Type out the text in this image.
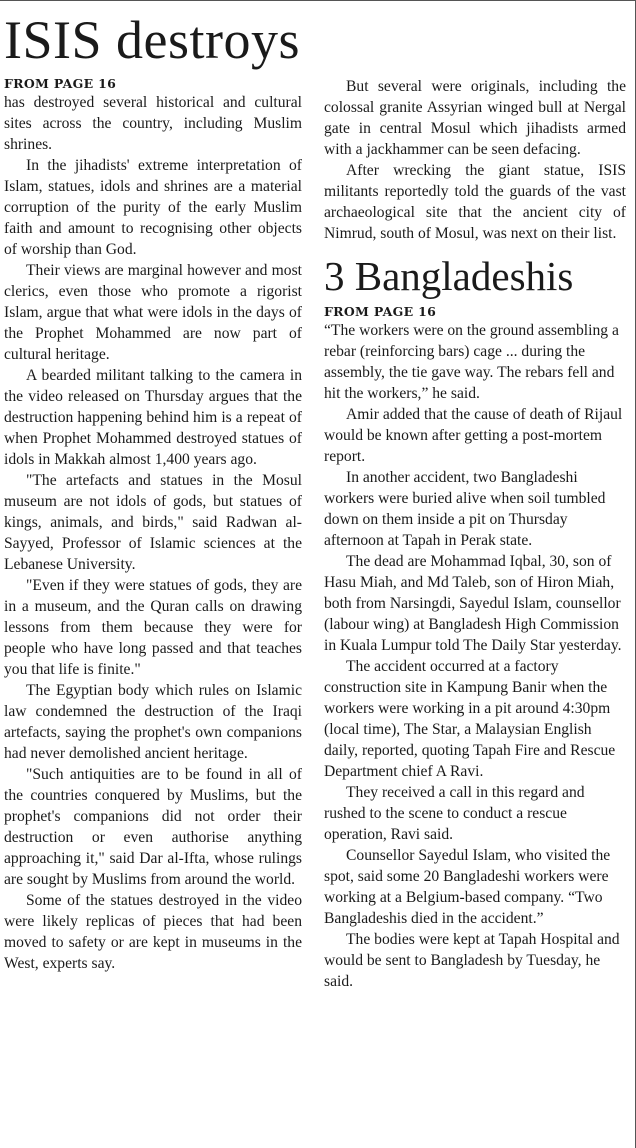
ISIS destroys
FROM PAGE 16

has destroyed several historical and cultural sites across the country, including Muslim shrines.

In the jihadists' extreme interpretation of Islam, statues, idols and shrines are a material corruption of the purity of the early Muslim faith and amount to recognising other objects of worship than God.

Their views are marginal however and most clerics, even those who promote a rigorist Islam, argue that what were idols in the days of the Prophet Mohammed are now part of cultural heritage.

A bearded militant talking to the camera in the video released on Thursday argues that the destruction happening behind him is a repeat of when Prophet Mohammed destroyed statues of idols in Makkah almost 1,400 years ago.

"The artefacts and statues in the Mosul museum are not idols of gods, but statues of kings, animals, and birds," said Radwan al-Sayyed, Professor of Islamic sciences at the Lebanese University.

"Even if they were statues of gods, they are in a museum, and the Quran calls on drawing lessons from them because they were for people who have long passed and that teaches you that life is finite."

The Egyptian body which rules on Islamic law condemned the destruction of the Iraqi artefacts, saying the prophet's own companions had never demolished ancient heritage.

"Such antiquities are to be found in all of the countries conquered by Muslims, but the prophet's companions did not order their destruction or even authorise anything approaching it," said Dar al-Ifta, whose rulings are sought by Muslims from around the world.

Some of the statues destroyed in the video were likely replicas of pieces that had been moved to safety or are kept in museums in the West, experts say.

But several were originals, including the colossal granite Assyrian winged bull at Nergal gate in central Mosul which jihadists armed with a jackhammer can be seen defacing.

After wrecking the giant statue, ISIS militants reportedly told the guards of the vast archaeological site that the ancient city of Nimrud, south of Mosul, was next on their list.

3 Bangladeshis
FROM PAGE 16

“The workers were on the ground assembling a rebar (reinforcing bars) cage ... during the assembly, the tie gave way. The rebars fell and hit the workers,” he said.

Amir added that the cause of death of Rijaul would be known after getting a post-mortem report.

In another accident, two Bangladeshi workers were buried alive when soil tumbled down on them inside a pit on Thursday afternoon at Tapah in Perak state.

The dead are Mohammad Iqbal, 30, son of Hasu Miah, and Md Taleb, son of Hiron Miah, both from Narsingdi, Sayedul Islam, counsellor (labour wing) at Bangladesh High Commission in Kuala Lumpur told The Daily Star yesterday.

The accident occurred at a factory construction site in Kampung Banir when the workers were working in a pit around 4:30pm (local time), The Star, a Malaysian English daily, reported, quoting Tapah Fire and Rescue Department chief A Ravi.

They received a call in this regard and rushed to the scene to conduct a rescue operation, Ravi said.

Counsellor Sayedul Islam, who visited the spot, said some 20 Bangladeshi workers were working at a Belgium-based company. “Two Bangladeshis died in the accident.”

The bodies were kept at Tapah Hospital and would be sent to Bangladesh by Tuesday, he said.
